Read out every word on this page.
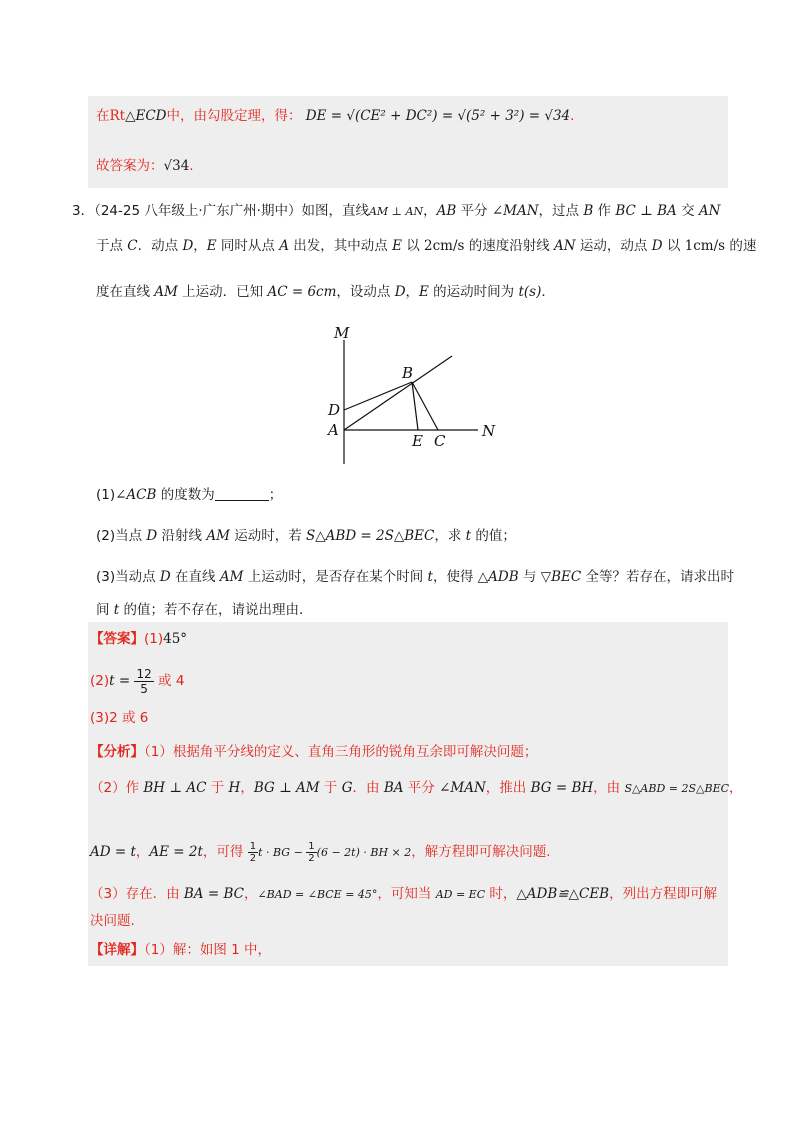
在Rt△ECD中，由勾股定理，得： DE = √(CE² + DC²) = √(5² + 3²) = √34.
故答案为：√34.
3．（24-25 八年级上·广东广州·期中）如图，直线AM ⊥ AN，AB 平分 ∠MAN，过点 B 作 BC ⊥ BA 交 AN
于点 C．动点 D，E 同时从点 A 出发，其中动点 E 以 2cm/s 的速度沿射线 AN 运动，动点 D 以 1cm/s 的速
度在直线 AM 上运动．已知 AC = 6cm，设动点 D，E 的运动时间为 t(s)．
M
B
D
A
E C
N
(1)∠ACB 的度数为	；
(2)当点 D 沿射线 AM 运动时，若 S△ABD = 2S△BEC，求 t 的值；
(3)当动点 D 在直线 AM 上运动时，是否存在某个时间 t，使得 △ADB 与 ▽BEC 全等？若存在，请求出时
间 t 的值；若不存在，请说出理由．
【答案】(1)45°
$(2)t = \frac{12}{5}$ 或 4
(3)2 或 6
【分析】（1）根据角平分线的定义、直角三角形的锐角互余即可解决问题；
（2）作 BH ⊥ AC 于 H，BG ⊥ AM 于 G．由 BA 平分 ∠MAN，推出 BG = BH，由 S△ABD = 2S△BEC，
AD = t，AE = 2t，可得 $\frac{1}{2}$ t · BG − $\frac{1}{2} (6 - 2t)$ · BH × 2，解方程即可解决问题.
（3）存在．由 BA = BC，∠BAD = ∠BCE = 45°，可知当 AD = EC 时，△ADB≌△CEB，列出方程即可解
决问题.
【详解】（1）解：如图 1 中，
